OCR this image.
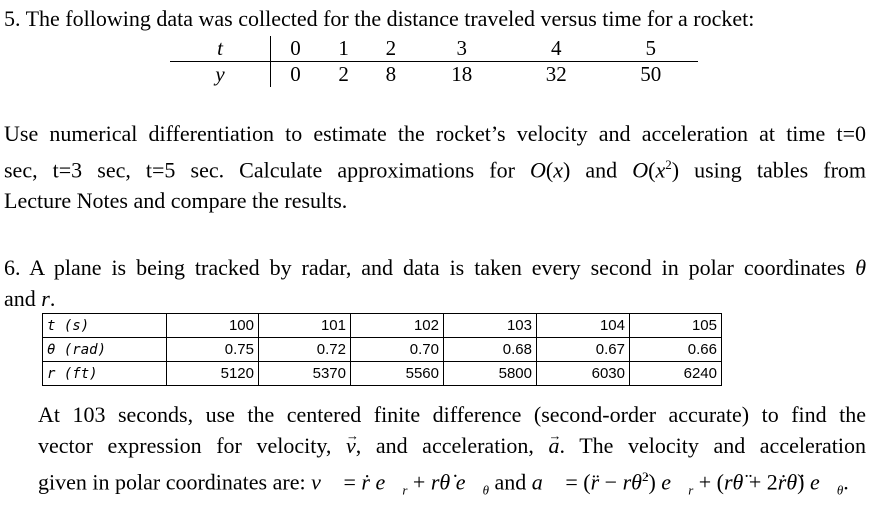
5. The following data was collected for the distance traveled versus time for a rocket:
t	0	1	2	3	4	5
y	0	2	8	18	32	50
Use numerical differentiation to estimate the rocket’s velocity and acceleration at time t=0
sec, t=3 sec, t=5 sec. Calculate approximations for O(x) and $O(x^2)$ using tables from
Lecture Notes and compare the results.
6. A plane is being tracked by radar, and data is taken every second in polar coordinates θ
and r.
t (s)	100	101	102	103	104	105
θ (rad)	0.75	0.72	0.70	0.68	0.67	0.66
r (ft)	5120	5370	5560	5800	6030	6240
At 103 seconds, use the centered finite difference (second-order accurate) to find the
vector expression for velocity, → v, and acceleration, → a. The velocity and acceleration
given in polar coordinates are: v⃗ = ṙ $e⃗_r$ + rθ̇ $e⃗_\theta$ and a⃗ = (r̈ − rθ̇$^2$) $e⃗_r$ + (rθ̈ + 2ṙθ̇) $e⃗_\theta$.
